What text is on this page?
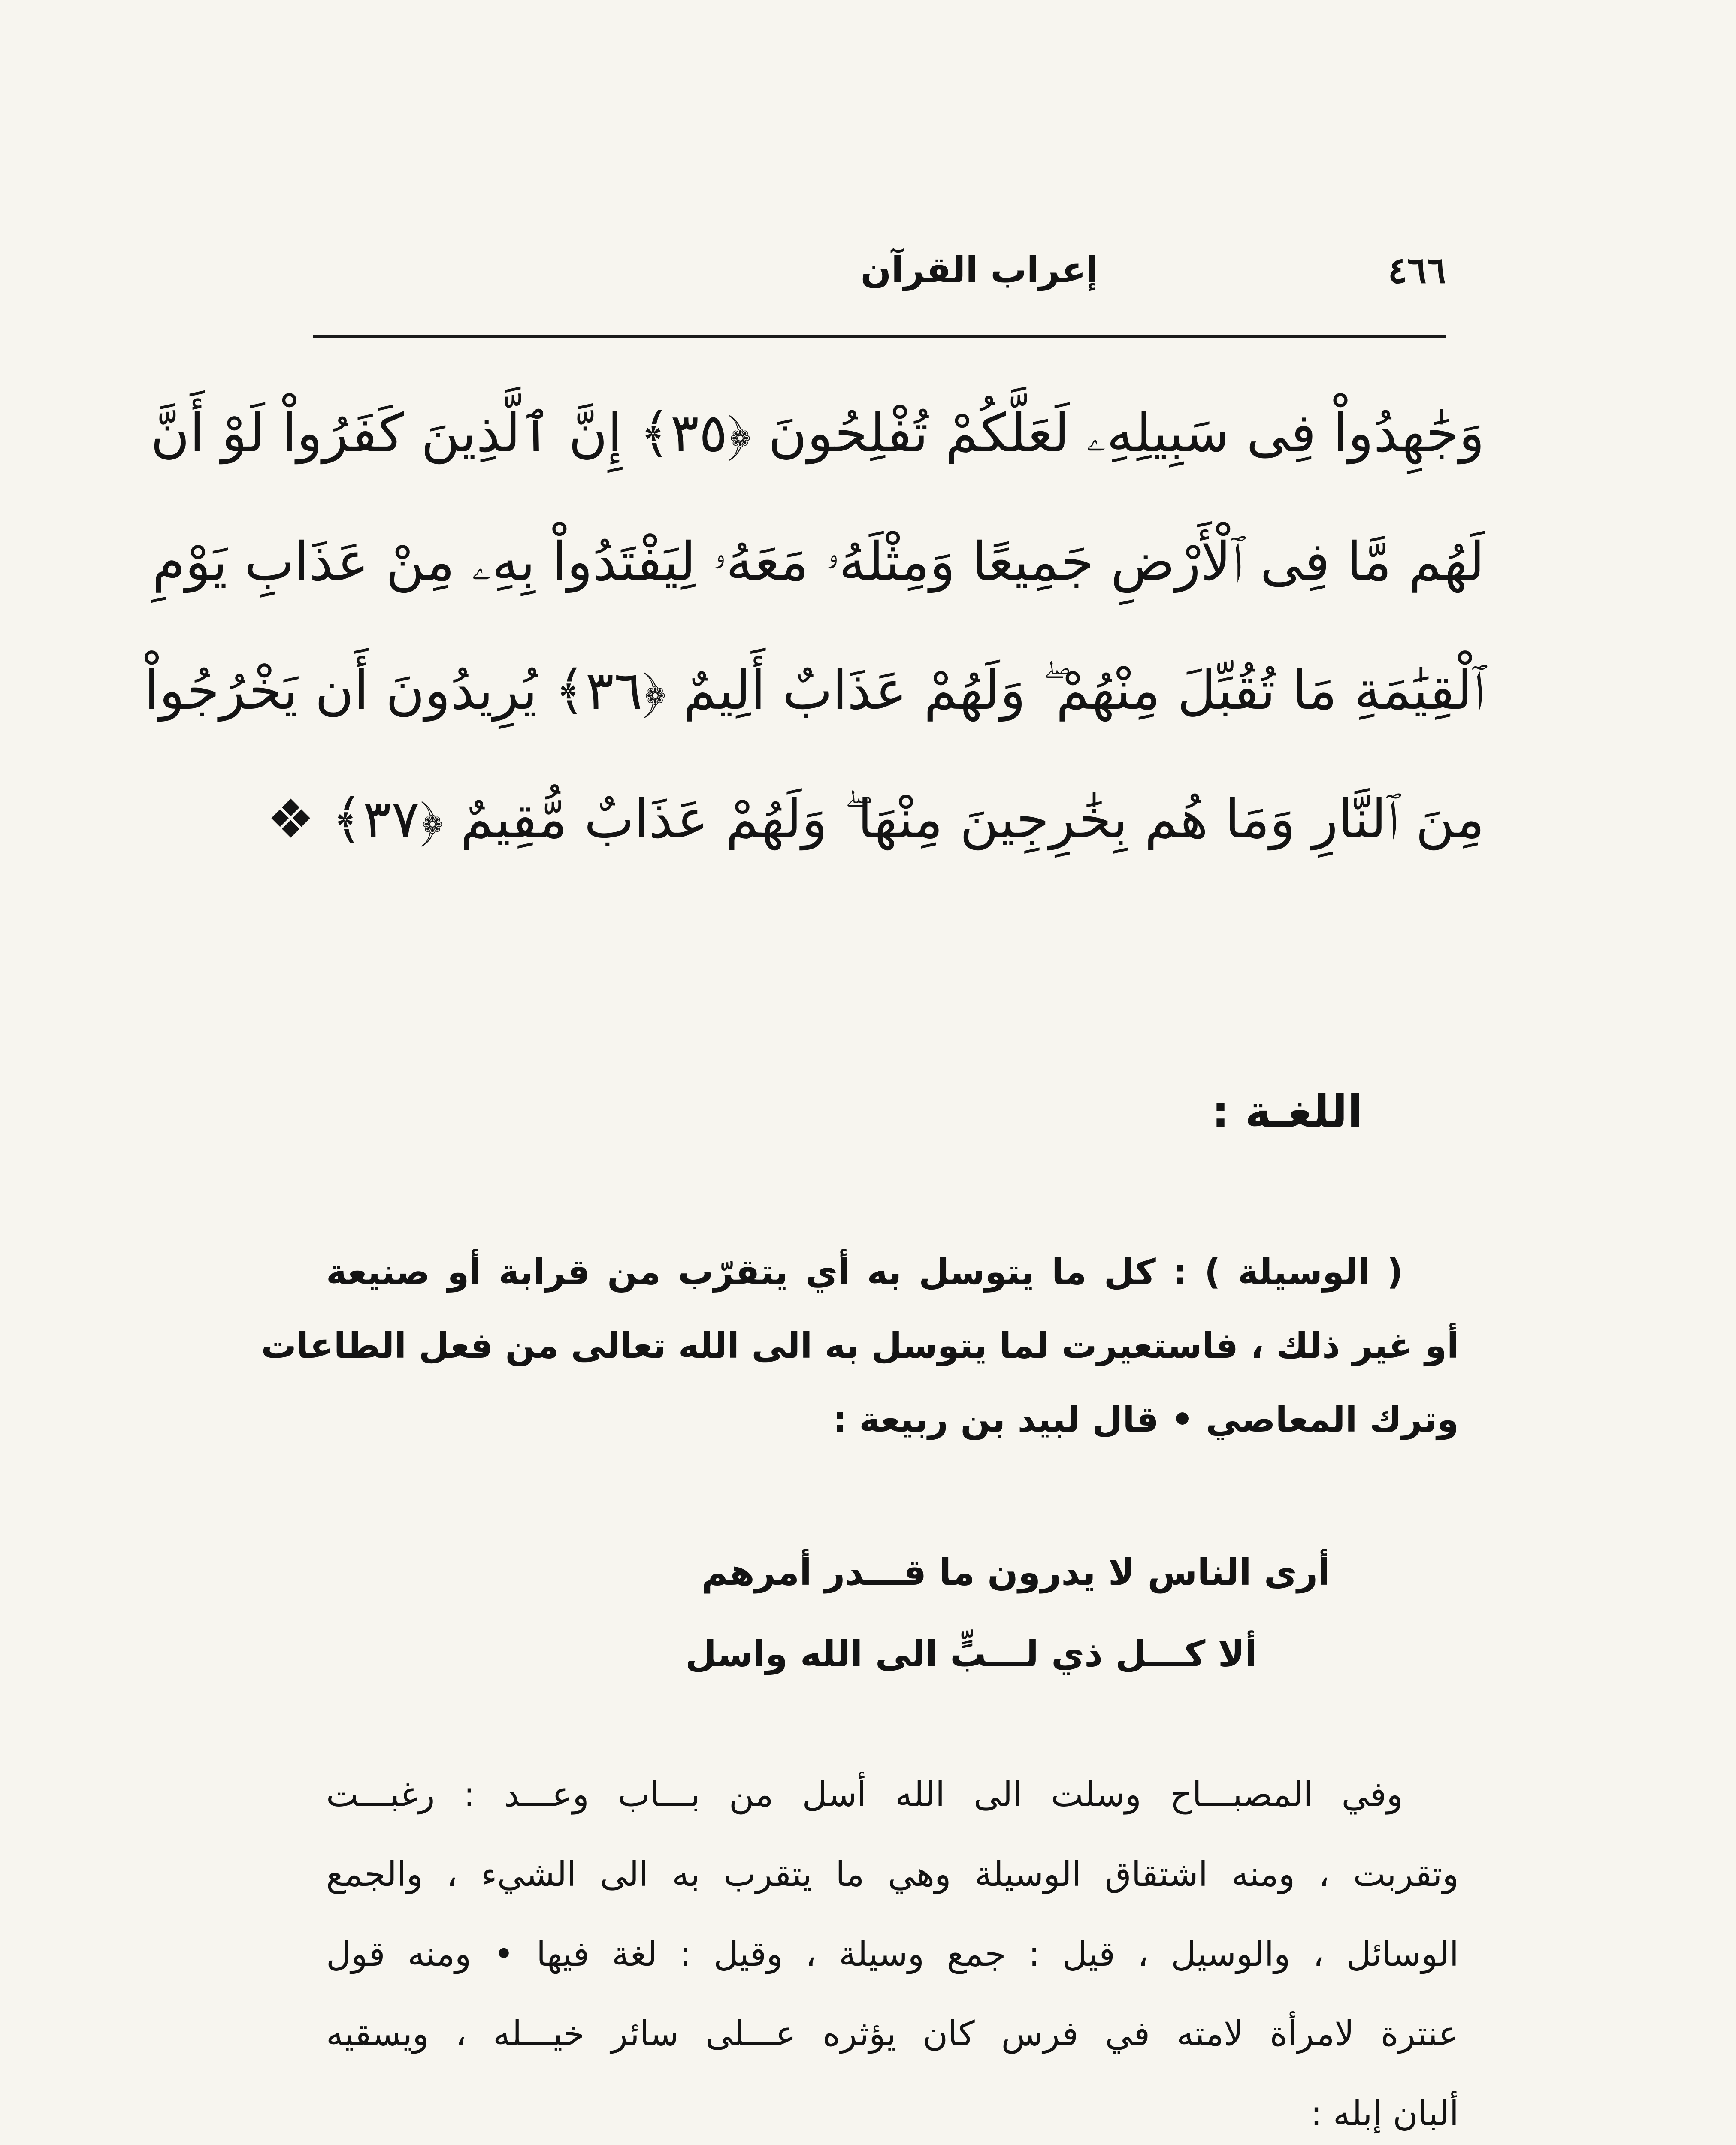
٤٦٦
إعراب القرآن
وَجَٰهِدُواْ فِى سَبِيلِهِۦ لَعَلَّكُمْ تُفْلِحُونَ ﴿٣٥﴾ إِنَّ ٱلَّذِينَ كَفَرُواْ لَوْ أَنَّ
لَهُم مَّا فِى ٱلْأَرْضِ جَمِيعًا وَمِثْلَهُۥ مَعَهُۥ لِيَفْتَدُواْ بِهِۦ مِنْ عَذَابِ يَوْمِ
ٱلْقِيَٰمَةِ مَا تُقُبِّلَ مِنْهُمْ ۖ وَلَهُمْ عَذَابٌ أَلِيمٌ ﴿٣٦﴾ يُرِيدُونَ أَن يَخْرُجُواْ
مِنَ ٱلنَّارِ وَمَا هُم بِخَٰرِجِينَ مِنْهَا ۖ وَلَهُمْ عَذَابٌ مُّقِيمٌ ﴿٣٧﴾ ❖
اللغـة :
( الوسيلة ) : كل ما يتوسل به أي يتقرّب من قرابة أو صنيعة
أو غير ذلك ، فاستعيرت لما يتوسل به الى الله تعالى من فعل الطاعات
وترك المعاصي • قال لبيد بن ربيعة :
أرى الناس لا يدرون ما قـــدر أمرهم
ألا كـــل ذي لـــبٍّ الى الله واسل
وفي المصبـــاح وسلت الى الله أسل من بـــاب وعـــد : رغبـــت
وتقربت ، ومنه اشتقاق الوسيلة وهي ما يتقرب به الى الشيء ، والجمع
الوسائل ، والوسيل ، قيل : جمع وسيلة ، وقيل : لغة فيها • ومنه قول
عنترة لامرأة لامته في فرس كان يؤثره عـــلى سائر خيـــله ، ويسقيه
ألبان إبله :
